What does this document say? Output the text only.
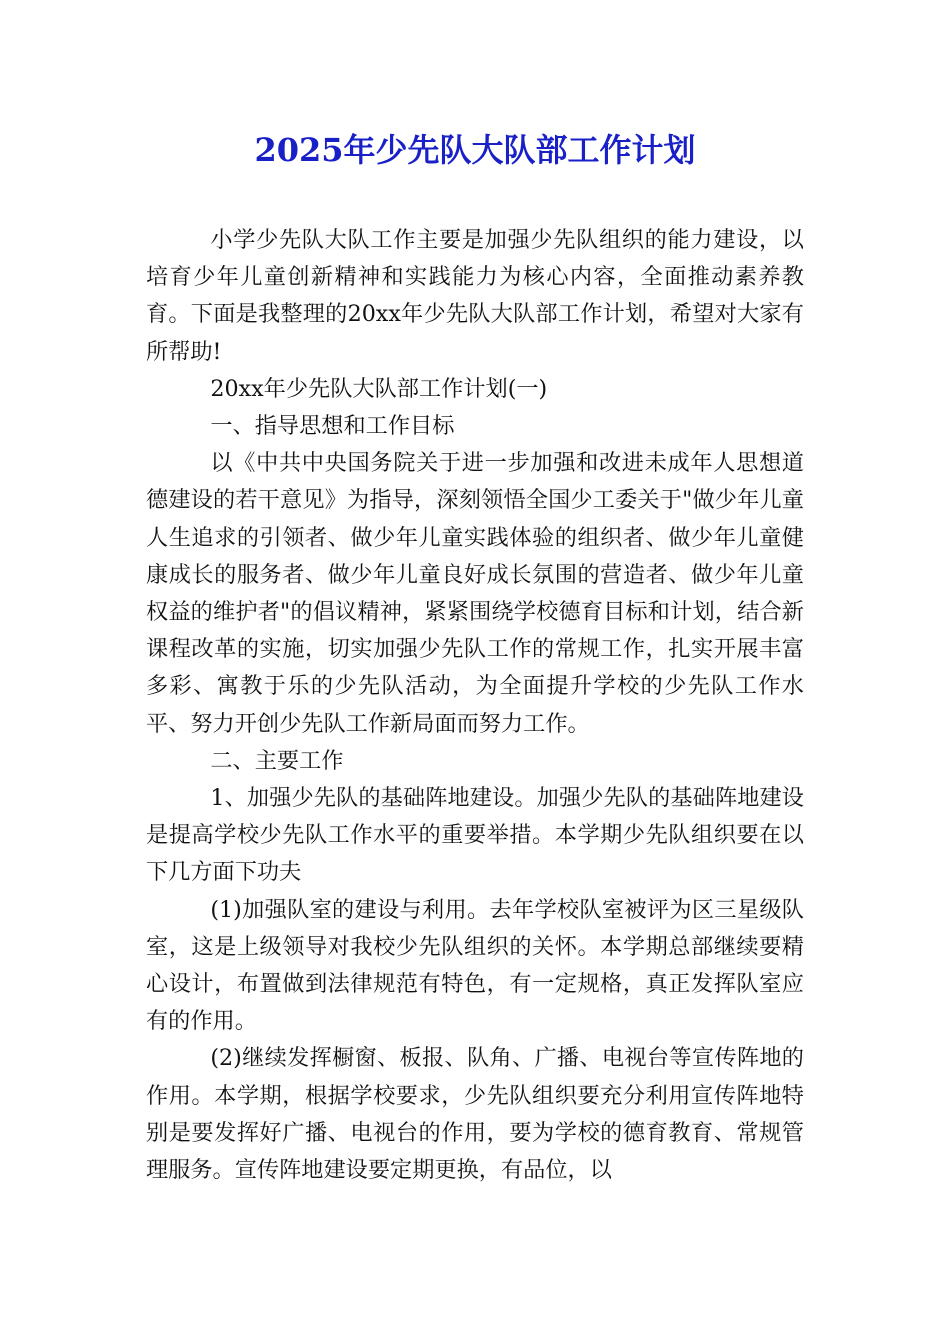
2025年少先队大队部工作计划

小学少先队大队工作主要是加强少先队组织的能力建设，以培育少年儿童创新精神和实践能力为核心内容，全面推动素养教育。下面是我整理的20xx年少先队大队部工作计划，希望对大家有所帮助!

20xx年少先队大队部工作计划(一)

一、指导思想和工作目标

以《中共中央国务院关于进一步加强和改进未成年人思想道德建设的若干意见》为指导，深刻领悟全国少工委关于"做少年儿童人生追求的引领者、做少年儿童实践体验的组织者、做少年儿童健康成长的服务者、做少年儿童良好成长氛围的营造者、做少年儿童权益的维护者"的倡议精神，紧紧围绕学校德育目标和计划，结合新课程改革的实施，切实加强少先队工作的常规工作，扎实开展丰富多彩、寓教于乐的少先队活动，为全面提升学校的少先队工作水平、努力开创少先队工作新局面而努力工作。

二、主要工作

1、加强少先队的基础阵地建设。加强少先队的基础阵地建设是提高学校少先队工作水平的重要举措。本学期少先队组织要在以下几方面下功夫

(1)加强队室的建设与利用。去年学校队室被评为区三星级队室，这是上级领导对我校少先队组织的关怀。本学期总部继续要精心设计，布置做到法律规范有特色，有一定规格，真正发挥队室应有的作用。

(2)继续发挥橱窗、板报、队角、广播、电视台等宣传阵地的作用。本学期，根据学校要求，少先队组织要充分利用宣传阵地特别是要发挥好广播、电视台的作用，要为学校的德育教育、常规管理服务。宣传阵地建设要定期更换，有品位，以
